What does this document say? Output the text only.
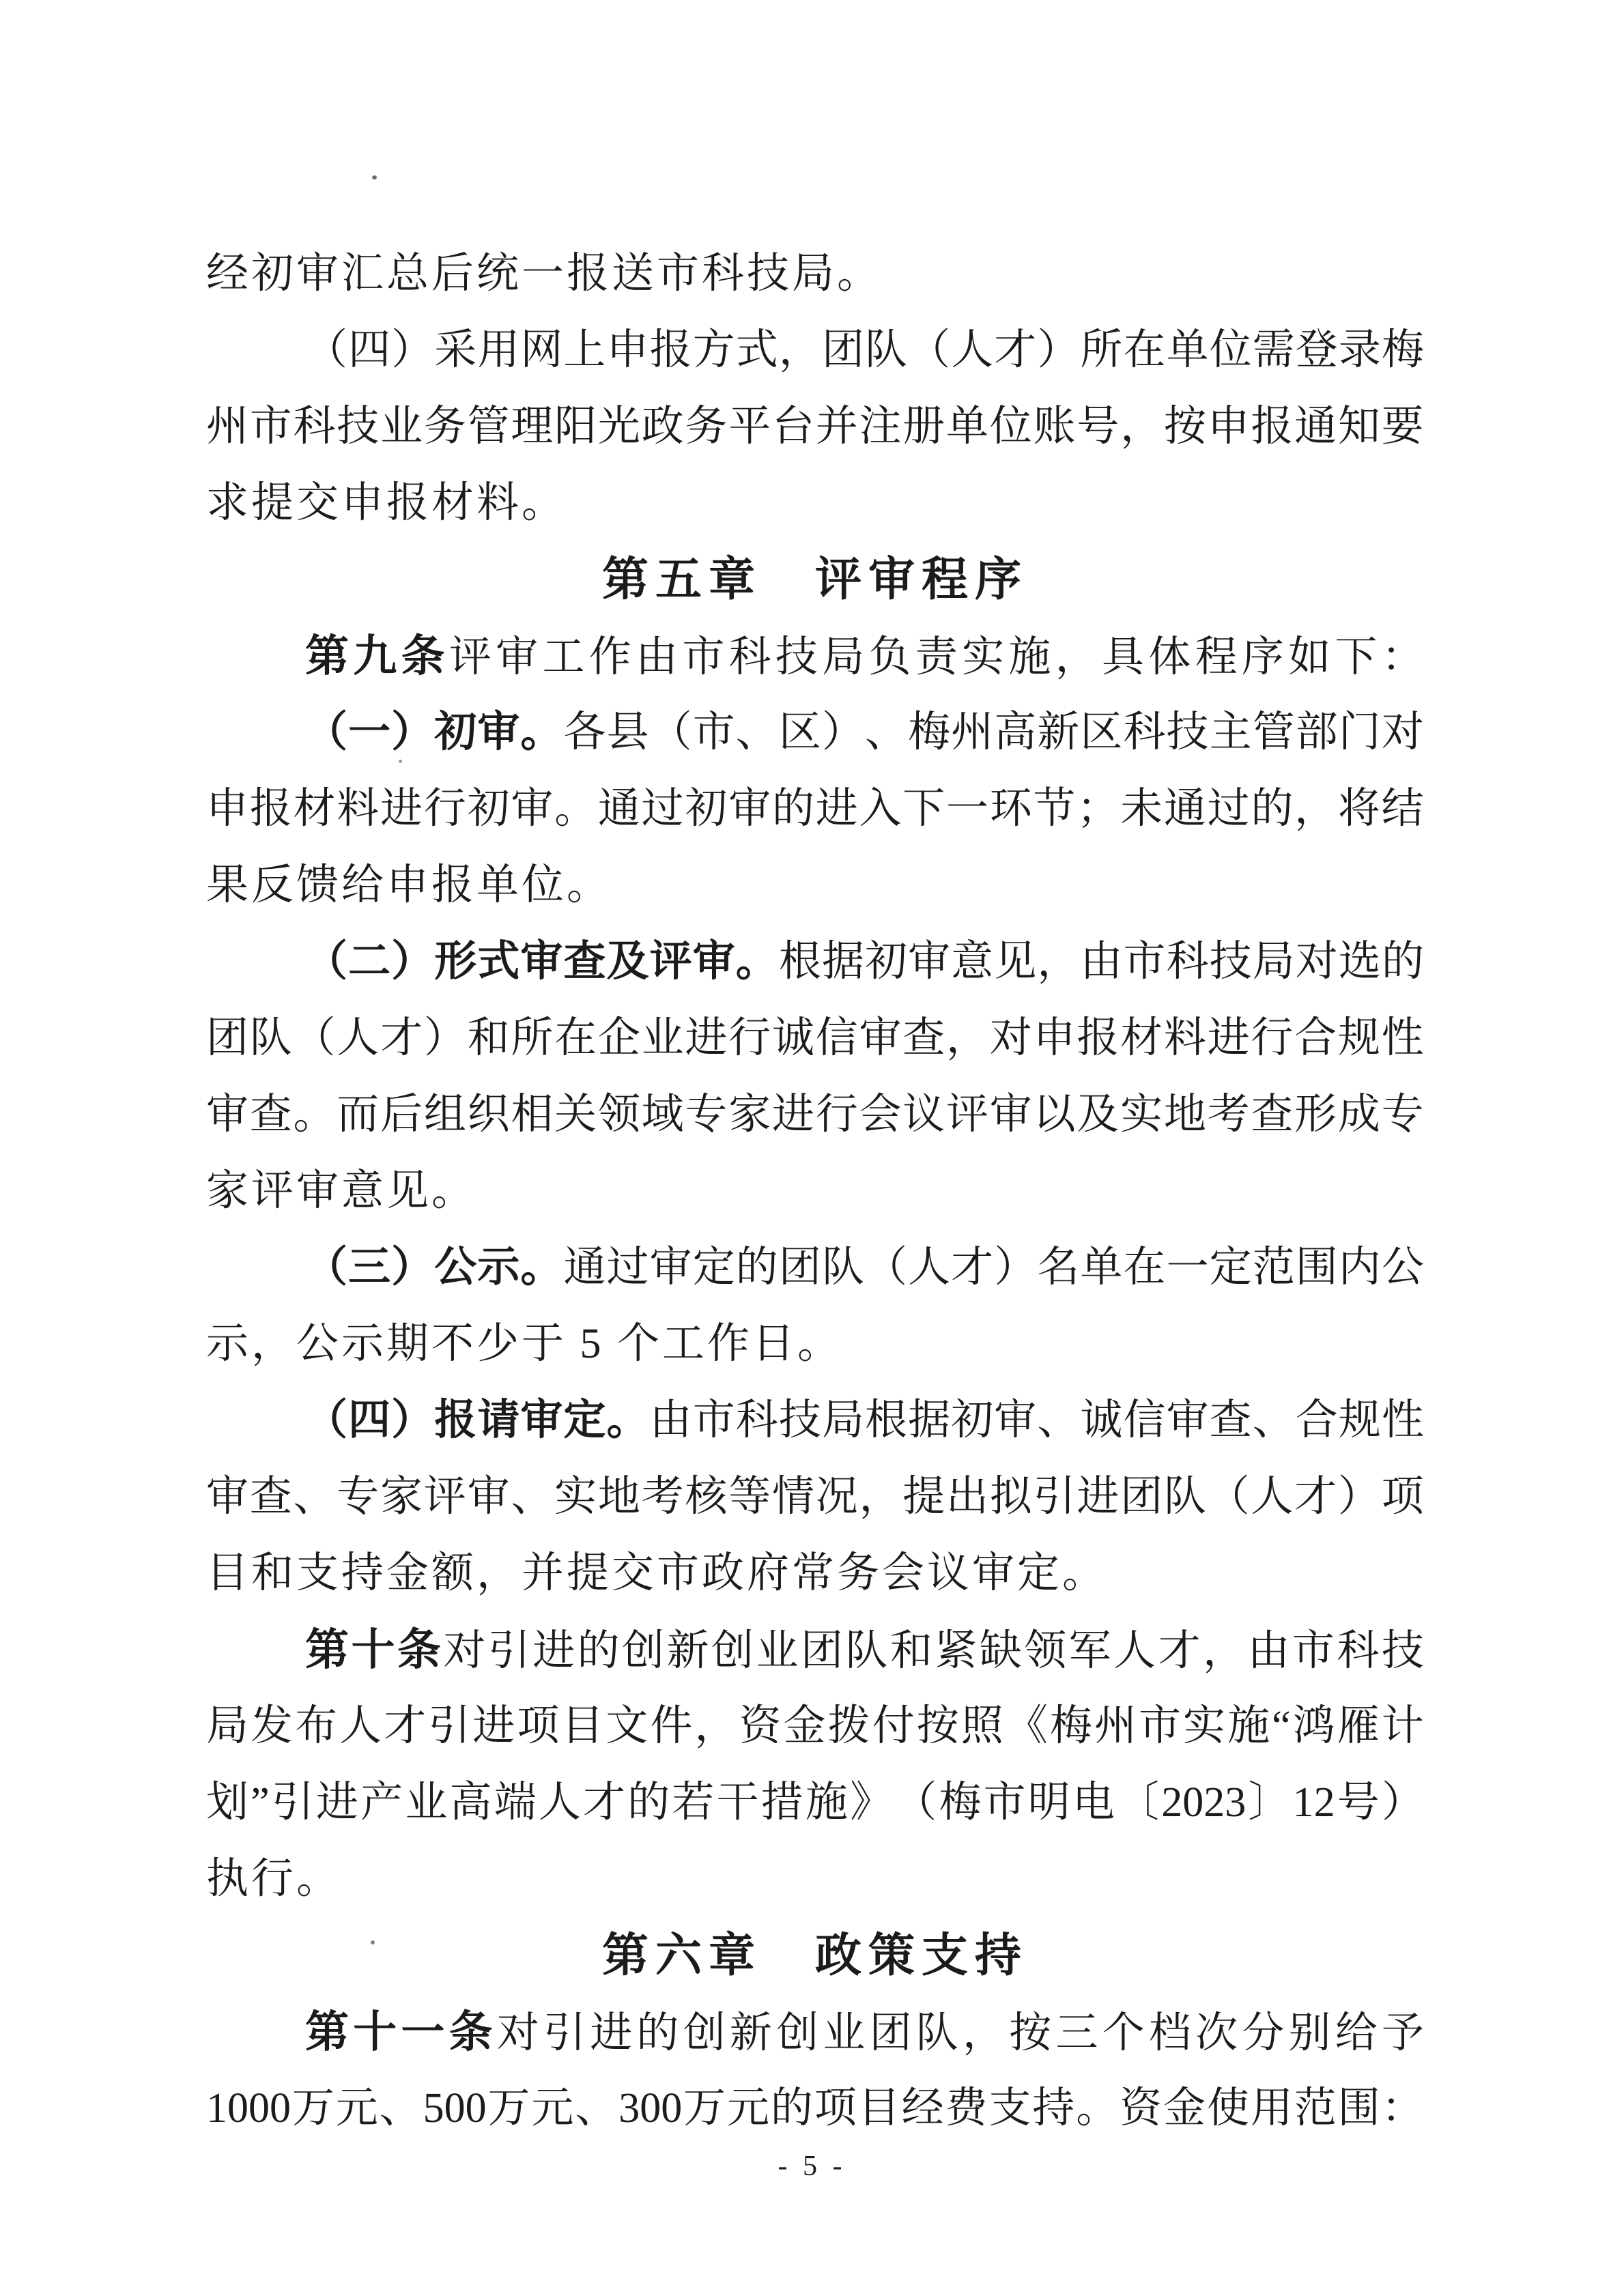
经初审汇总后统一报送市科技局。
（ 四 ） 采 用 网 上 申 报 方 式 ， 团 队 （ 人 才 ） 所 在 单 位 需 登 录 梅
州 市 科 技 业 务 管 理 阳 光 政 务 平 台 并 注 册 单 位 账 号 ， 按 申 报 通 知 要
求提交申报材料。
第五章　评审程序
第 九 条 评 审 工 作 由 市 科 技 局 负 责 实 施 ， 具 体 程 序 如 下 ：
（ 一 ） 初 审 。 各 县 （ 市 、 区 ） 、 梅 州 高 新 区 科 技 主 管 部 门 对
申 报 材 料 进 行 初 审 。 通 过 初 审 的 进 入 下 一 环 节 ； 未 通 过 的 ， 将 结
果反馈给申报单位。
（ 二 ） 形 式 审 查 及 评 审 。 根 据 初 审 意 见 ， 由 市 科 技 局 对 选 的
团 队 （ 人 才 ） 和 所 在 企 业 进 行 诚 信 审 查 ， 对 申 报 材 料 进 行 合 规 性
审 查 。 而 后 组 织 相 关 领 域 专 家 进 行 会 议 评 审 以 及 实 地 考 查 形 成 专
家评审意见。
（ 三 ） 公 示 。 通 过 审 定 的 团 队 （ 人 才 ） 名 单 在 一 定 范 围 内 公
示，公示期不少于 5 个工作日。
（ 四 ） 报 请 审 定 。 由 市 科 技 局 根 据 初 审 、 诚 信 审 查 、 合 规 性
审 查 、 专 家 评 审 、 实 地 考 核 等 情 况 ， 提 出 拟 引 进 团 队 （ 人 才 ） 项
目和支持金额，并提交市政府常务会议审定。
第 十 条 对 引 进 的 创 新 创 业 团 队 和 紧 缺 领 军 人 才 ， 由 市 科 技
局 发 布 人 才 引 进 项 目 文 件 ， 资 金 拨 付 按 照 《 梅 州 市 实 施 “ 鸿 雁 计
划 ” 引 进 产 业 高 端 人 才 的 若 干 措 施 》 （ 梅 市 明 电 〔 2023 〕 12 号 ）
执行。
第六章　政策支持
第 十 一 条 对 引 进 的 创 新 创 业 团 队 ， 按 三 个 档 次 分 别 给 予
1000 万 元 、 500 万 元 、 300 万 元 的 项 目 经 费 支 持 。 资 金 使 用 范 围 ：
- 5 -
